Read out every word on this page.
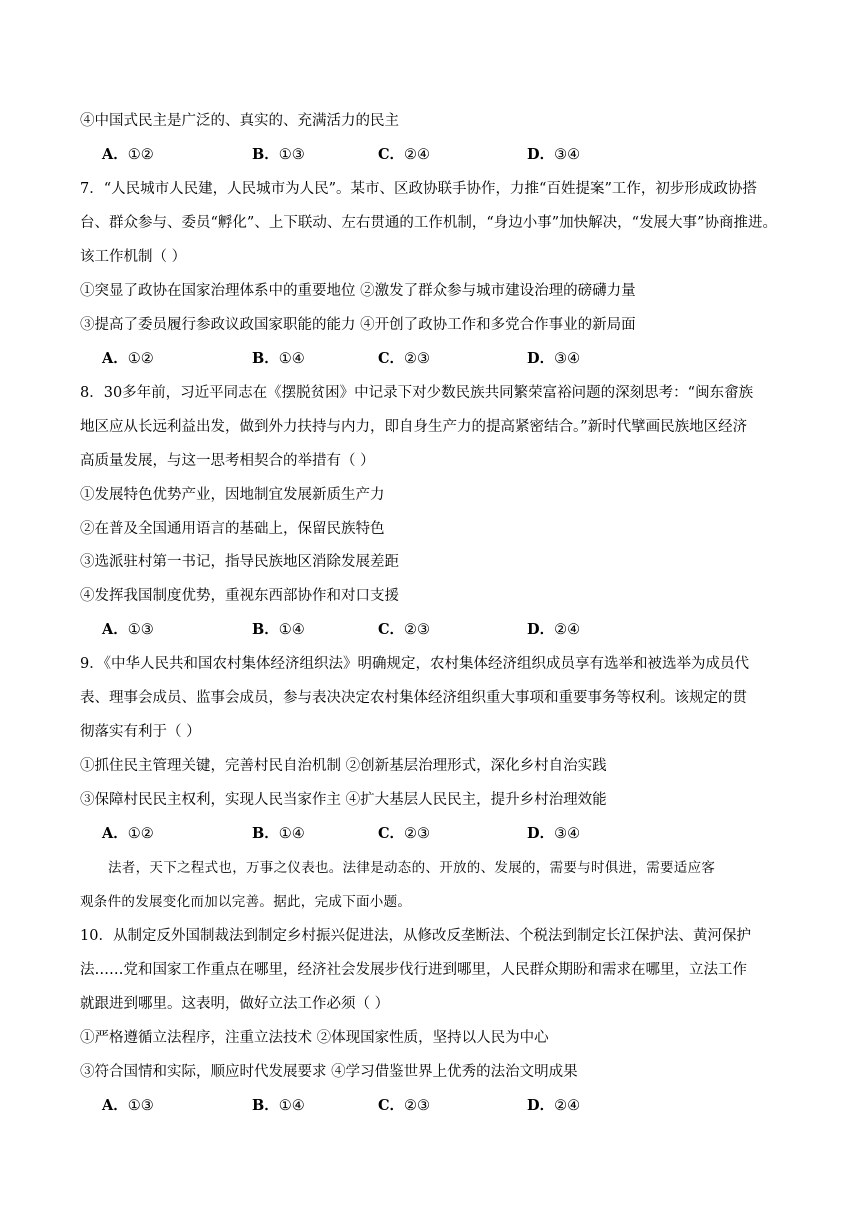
④中国式民主是广泛的、真实的、充满活力的民主
A．①②	B．①③	C．②④	D．③④
7．“人民城市人民建，人民城市为人民”。某市、区政协联手协作，力推“百姓提案”工作，初步形成政协搭
台、群众参与、委员“孵化”、上下联动、左右贯通的工作机制，“身边小事”加快解决，“发展大事”协商推进。
该工作机制（ ）
①突显了政协在国家治理体系中的重要地位 ②激发了群众参与城市建设治理的磅礴力量
③提高了委员履行参政议政国家职能的能力 ④开创了政协工作和多党合作事业的新局面
A．①②	B．①④	C．②③	D．③④
8．30多年前，习近平同志在《摆脱贫困》中记录下对少数民族共同繁荣富裕问题的深刻思考：“闽东畲族
地区应从长远利益出发，做到外力扶持与内力，即自身生产力的提高紧密结合。”新时代擘画民族地区经济
高质量发展，与这一思考相契合的举措有（ ）
①发展特色优势产业，因地制宜发展新质生产力
②在普及全国通用语言的基础上，保留民族特色
③选派驻村第一书记，指导民族地区消除发展差距
④发挥我国制度优势，重视东西部协作和对口支援
A．①③	B．①④	C．②③	D．②④
9．《中华人民共和国农村集体经济组织法》明确规定，农村集体经济组织成员享有选举和被选举为成员代
表、理事会成员、监事会成员，参与表决决定农村集体经济组织重大事项和重要事务等权利。该规定的贯
彻落实有利于（ ）
①抓住民主管理关键，完善村民自治机制 ②创新基层治理形式，深化乡村自治实践
③保障村民民主权利，实现人民当家作主 ④扩大基层人民民主，提升乡村治理效能
A．①②	B．①④	C．②③	D．③④
法者，天下之程式也，万事之仪表也。法律是动态的、开放的、发展的，需要与时俱进，需要适应客
观条件的发展变化而加以完善。据此，完成下面小题。
10．从制定反外国制裁法到制定乡村振兴促进法，从修改反垄断法、个税法到制定长江保护法、黄河保护
法……党和国家工作重点在哪里，经济社会发展步伐行进到哪里，人民群众期盼和需求在哪里，立法工作
就跟进到哪里。这表明，做好立法工作必须（ ）
①严格遵循立法程序，注重立法技术 ②体现国家性质，坚持以人民为中心
③符合国情和实际，顺应时代发展要求 ④学习借鉴世界上优秀的法治文明成果
A．①③	B．①④	C．②③	D．②④
